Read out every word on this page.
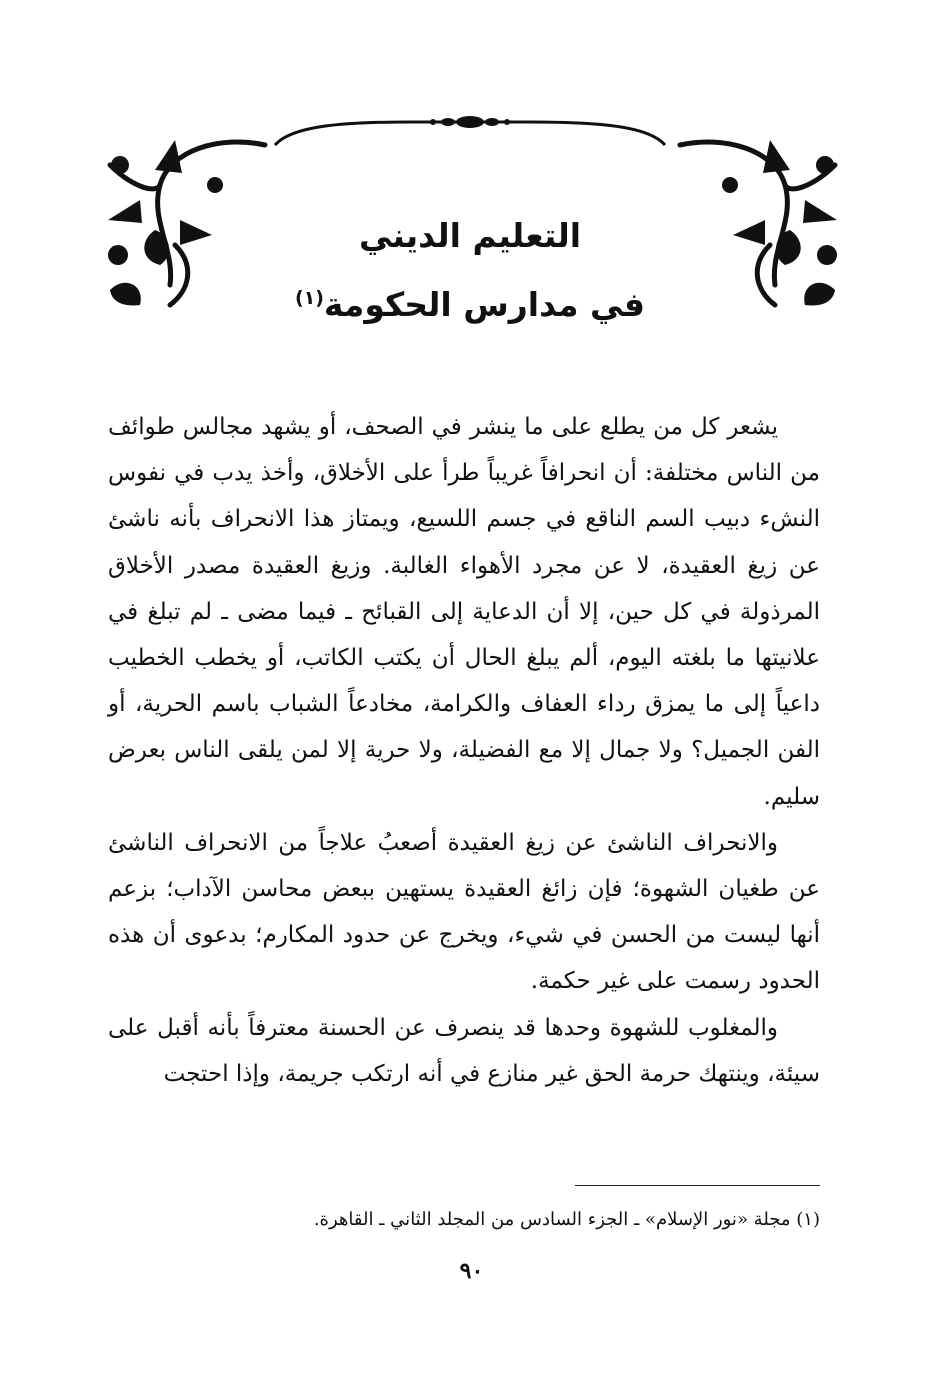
التعليم الديني
في مدارس الحكومة$^{(١)}$

يشعر كل من يطلع على ما ينشر في الصحف، أو يشهد مجالس طوائف من الناس مختلفة: أن انحرافاً غريباً طرأ على الأخلاق، وأخذ يدب في نفوس النشء دبيب السم الناقع في جسم اللسيع، ويمتاز هذا الانحراف بأنه ناشئ عن زيغ العقيدة، لا عن مجرد الأهواء الغالبة. وزيغ العقيدة مصدر الأخلاق المرذولة في كل حين، إلا أن الدعاية إلى القبائح ـ فيما مضى ـ لم تبلغ في علانيتها ما بلغته اليوم، ألم يبلغ الحال أن يكتب الكاتب، أو يخطب الخطيب داعياً إلى ما يمزق رداء العفاف والكرامة، مخادعاً الشباب باسم الحرية، أو الفن الجميل؟ ولا جمال إلا مع الفضيلة، ولا حرية إلا لمن يلقى الناس بعرض سليم.

والانحراف الناشئ عن زيغ العقيدة أصعبُ علاجاً من الانحراف الناشئ عن طغيان الشهوة؛ فإن زائغ العقيدة يستهين ببعض محاسن الآداب؛ بزعم أنها ليست من الحسن في شيء، ويخرج عن حدود المكارم؛ بدعوى أن هذه الحدود رسمت على غير حكمة.

والمغلوب للشهوة وحدها قد ينصرف عن الحسنة معترفاً بأنه أقبل على سيئة، وينتهك حرمة الحق غير منازع في أنه ارتكب جريمة، وإذا احتجت

(١) مجلة «نور الإسلام» ـ الجزء السادس من المجلد الثاني ـ القاهرة.
٩٠
